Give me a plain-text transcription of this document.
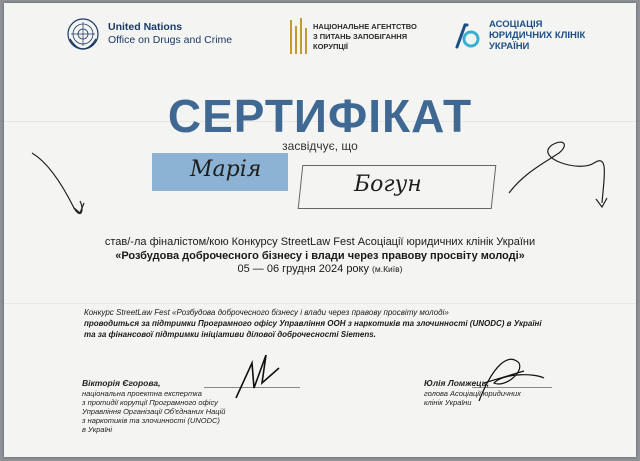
United Nations
Office on Drugs and Crime
НАЦІОНАЛЬНЕ АГЕНТСТВО
З ПИТАНЬ ЗАПОБІГАННЯ
КОРУПЦІЇ
АСОЦІАЦІЯ
ЮРИДИЧНИХ КЛІНІК
УКРАЇНИ
СЕРТИФІКАТ
засвідчує, що
Марія
Богун
став/-ла фіналістом/кою Конкурсу StreetLaw Fest Асоціації юридичних клінік України
«Розбудова доброчесного бізнесу і влади через правову просвіту молоді»
05 — 06 грудня 2024 року (м.Київ)
Конкурс StreetLaw Fest «Розбудова доброчесного бізнесу і влади через правову просвіту молоді»
проводиться за підтримки Програмного офісу Управління ООН з наркотиків та злочинності (UNODC) в Україні
та за фінансової підтримки ініціативи ділової доброчесності Siemens.
Вікторія Єгорова,
національна проектна експертка
з протидії корупції Програмного офісу
Управління Організації Об'єднаних Націй
з наркотиків та злочинності (UNODC)
в Україні
Юлія Ломжець,
голова Асоціації юридичних
клінік України
